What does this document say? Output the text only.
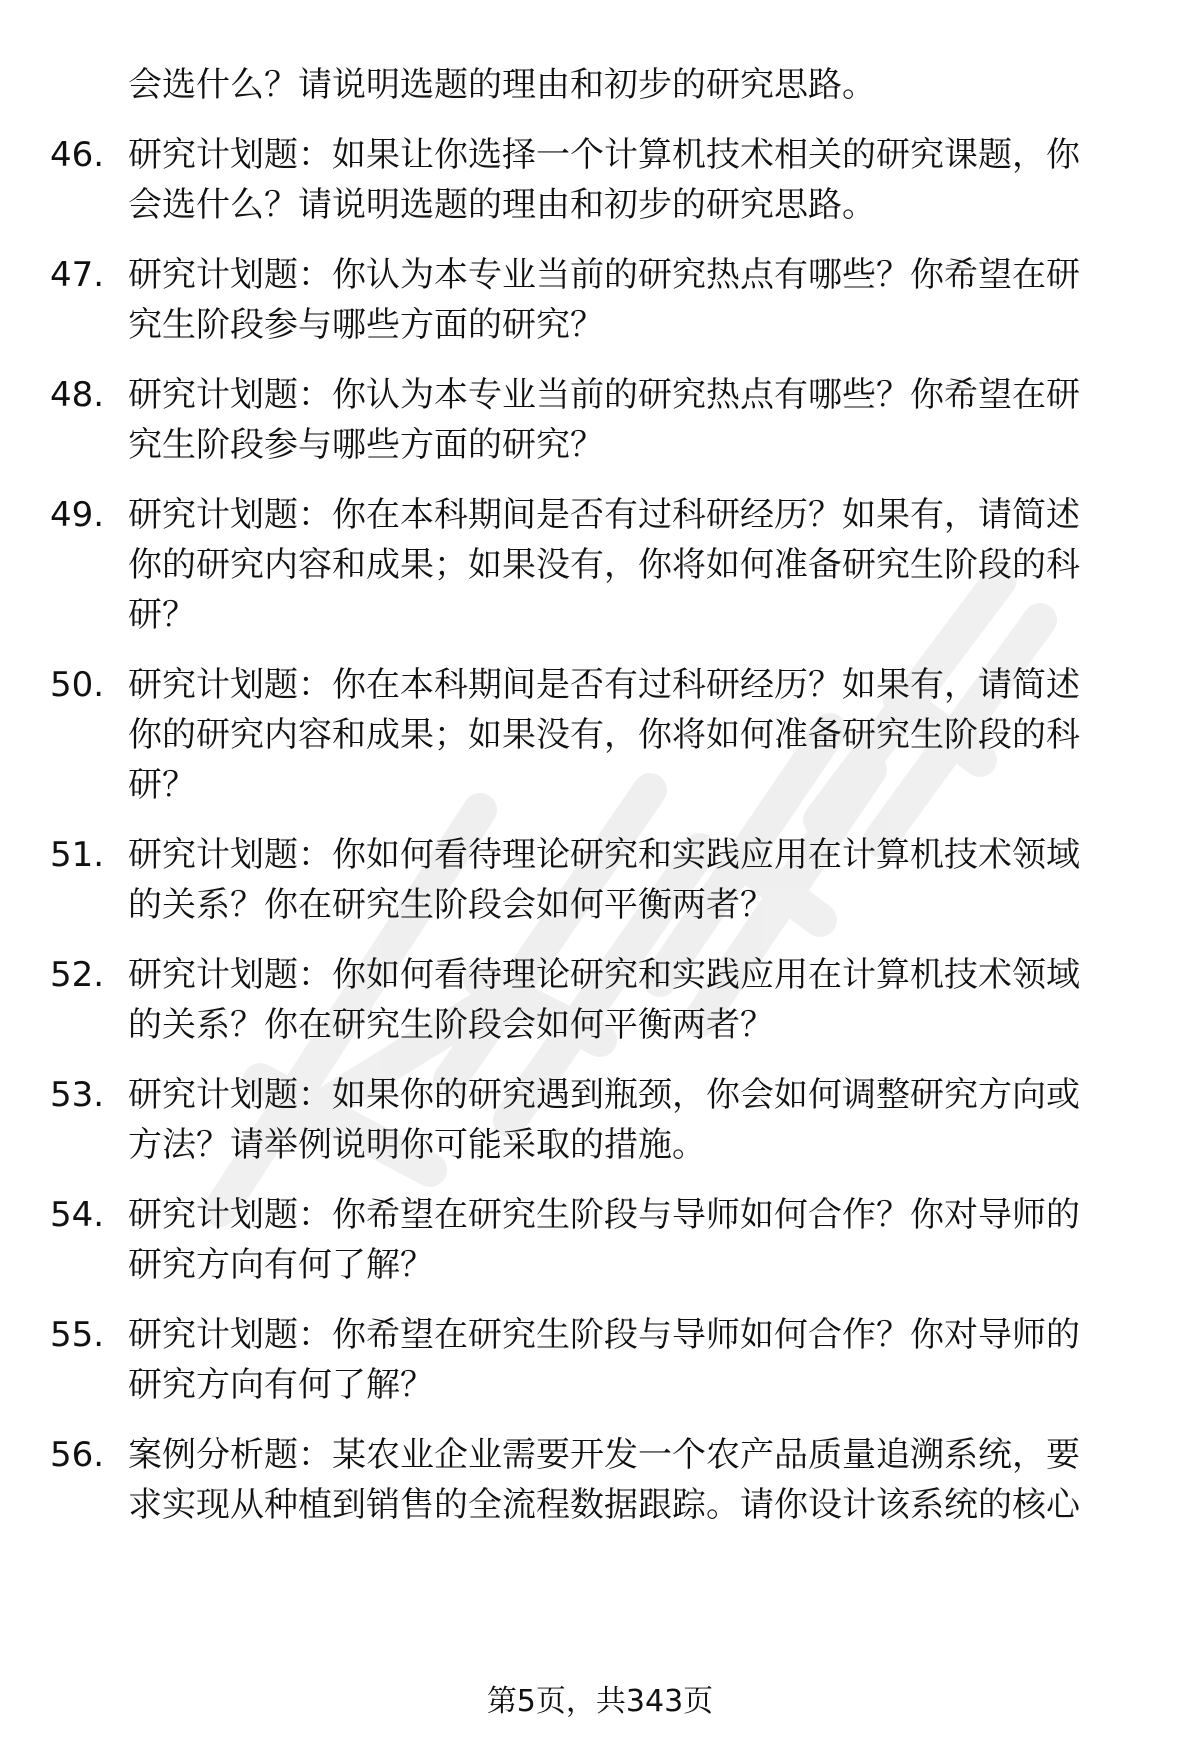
会选什么？请说明选题的理由和初步的研究思路。
46. 研究计划题：如果让你选择一个计算机技术相关的研究课题，你
会选什么？请说明选题的理由和初步的研究思路。
47. 研究计划题：你认为本专业当前的研究热点有哪些？你希望在研
究生阶段参与哪些方面的研究？
48. 研究计划题：你认为本专业当前的研究热点有哪些？你希望在研
究生阶段参与哪些方面的研究？
49. 研究计划题：你在本科期间是否有过科研经历？如果有，请简述
你的研究内容和成果；如果没有，你将如何准备研究生阶段的科
研？
50. 研究计划题：你在本科期间是否有过科研经历？如果有，请简述
你的研究内容和成果；如果没有，你将如何准备研究生阶段的科
研？
51. 研究计划题：你如何看待理论研究和实践应用在计算机技术领域
的关系？你在研究生阶段会如何平衡两者？
52. 研究计划题：你如何看待理论研究和实践应用在计算机技术领域
的关系？你在研究生阶段会如何平衡两者？
53. 研究计划题：如果你的研究遇到瓶颈，你会如何调整研究方向或
方法？请举例说明你可能采取的措施。
54. 研究计划题：你希望在研究生阶段与导师如何合作？你对导师的
研究方向有何了解？
55. 研究计划题：你希望在研究生阶段与导师如何合作？你对导师的
研究方向有何了解？
56. 案例分析题：某农业企业需要开发一个农产品质量追溯系统，要
求实现从种植到销售的全流程数据跟踪。请你设计该系统的核心
第5页，共343页
